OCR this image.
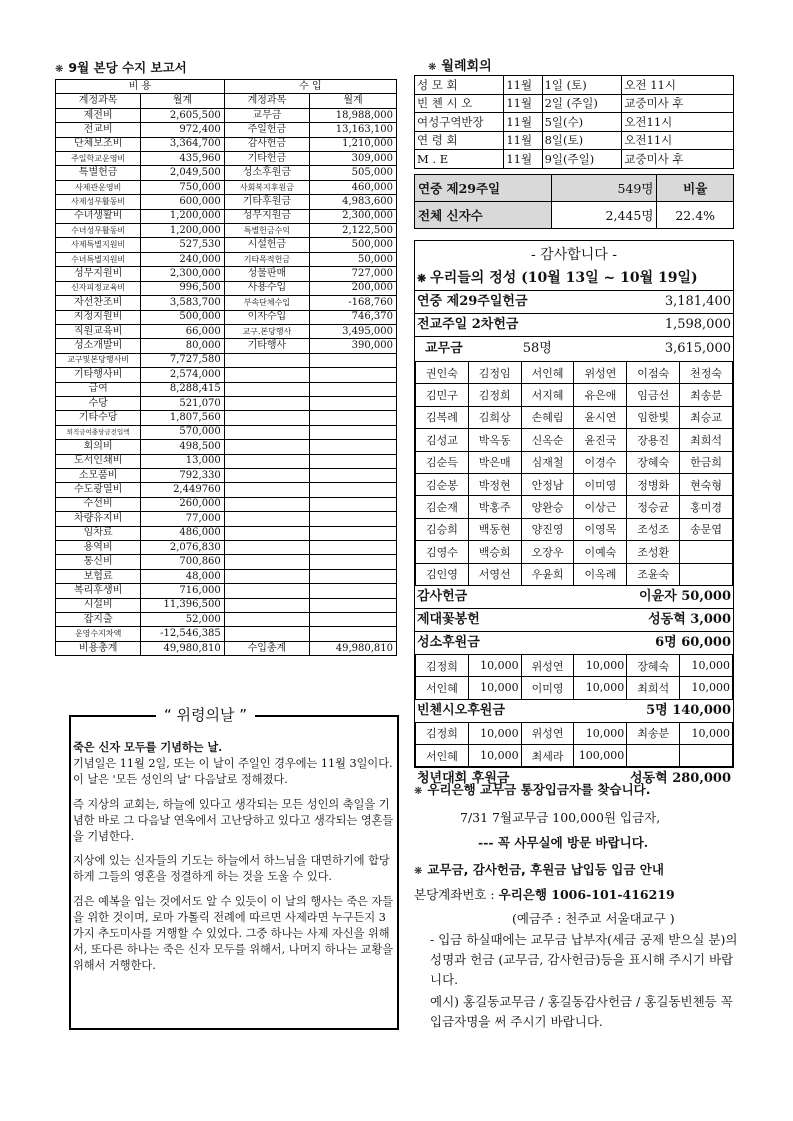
❋ 9월 본당 수지 보고서
비 용		수 입	
계정과목	월계	계정과목	월계
제전비	2,605,500	교무금	18,988,000
전교비	972,400	주일헌금	13,163,100
단체보조비	3,364,700	감사헌금	1,210,000
주일학교운영비	435,960	기타헌금	309,000
특별헌금	2,049,500	성소후원금	505,000
사제관운영비	750,000	사회복지후원금	460,000
사제성무활동비	600,000	기타후원금	4,983,600
수녀생활비	1,200,000	성무지원금	2,300,000
수녀성무활동비	1,200,000	특별헌금수익	2,122,500
사제특별지원비	527,530	시설헌금	500,000
수녀특별지원비	240,000	기타목적헌금	50,000
성무지원비	2,300,000	성물판매	727,000
신자피정교육비	996,500	사용수입	200,000
자선찬조비	3,583,700	부속단체수입	-168,760
지정지원비	500,000	이자수입	746,370
직원교육비	66,000	교구.본당행사	3,495,000
성소개발비	80,000	기타행사	390,000
교구및본당행사비	7,727,580		
기타행사비	2,574,000		
급여	8,288,415		
수당	521,070		
기타수당	1,807,560		
퇴직금여충당금전입액	570,000		
회의비	498,500		
도서인쇄비	13,000		
소모품비	792,330		
수도광열비	2,449760		
수선비	260,000		
차량유지비	77,000		
임차료	486,000		
용역비	2,076,830		
통신비	700,860		
보험료	48,000		
복리후생비	716,000		
시설비	11,396,500		
잡지출	52,000		
운영수지차액	-12,546,385		
비용총계	49,980,810	수입총계	49,980,810
❋ 월례회의
성 모 회	11월	1일 (토)	오전 11시
빈 첸 시 오	11월	2일 (주일)	교중미사 후
여성구역반장	11월	5일(수)	오전11시
연 령 회	11월	8일(토)	오전11시
M . E	11월	9일(주일)	교중미사 후
연중 제29주일	549명	비율
전체 신자수	2,445명	22.4%
- 감사합니다 -
❋ 우리들의 정성 (10월 13일 ~ 10월 19일)
연중 제29주일헌금	3,181,400
전교주일 2차헌금	1,598,000
교무금	58명	3,615,000
권인숙	김정임	서인혜	위성연	이점숙	천정숙
김민구	김정희	서지혜	유은애	임금선	최송분
김복례	김희상	손혜림	윤시연	임한빛	최승교
김성교	박옥동	신옥순	윤진국	장용진	최희석
김순득	박은매	심재철	이경수	장혜숙	한금희
김순봉	박정현	안정남	이미영	정병화	현숙형
김순재	박홍주	양완승	이상근	정승균	홍미경
김승희	백동현	양진영	이영목	조성조	송문엽
김영수	백승희	오장우	이예숙	조성환	
김인영	서영선	우윤희	이옥례	조윤숙	
감사헌금	이윤자 50,000
제대꽃봉헌	성동혁 3,000
성소후원금	6명 60,000
김정희	10,000	위성연	10,000	장혜숙	10,000
서인혜	10,000	이미영	10,000	최희석	10,000
빈첸시오후원금	5명 140,000
김정희	10,000	위성연	10,000	최송분	10,000
서인혜	10,000	최세라	100,000		
청년대회 후원금	성동혁 280,000
“ 위령의날 ”

죽은 신자 모두를 기념하는 날.
기념일은 11월 2일, 또는 이 날이 주일인 경우에는 11월 3일이다. 이 날은 '모든 성인의 날' 다음날로 정해졌다.

즉 지상의 교회는, 하늘에 있다고 생각되는 모든 성인의 축일을 기념한 바로 그 다음날 연옥에서 고난당하고 있다고 생각되는 영혼들을 기념한다.

지상에 있는 신자들의 기도는 하늘에서 하느님을 대면하기에 합당하게 그들의 영혼을 정결하게 하는 것을 도울 수 있다.

검은 예복을 입는 것에서도 알 수 있듯이 이 날의 행사는 죽은 자들을 위한 것이며, 로마 가톨릭 전례에 따르면 사제라면 누구든지 3가지 추도미사를 거행할 수 있었다. 그중 하나는 사제 자신을 위해서, 또다른 하나는 죽은 신자 모두를 위해서, 나머지 하나는 교황을 위해서 거행한다.

❋ 우리은행 교무금 통장입금자를 찾습니다.
7/31 7월교무금 100,000원 입금자,
--- 꼭 사무실에 방문 바랍니다.
❋ 교무금, 감사헌금, 후원금 납입등 입금 안내
본당계좌번호 : 우리은행 1006-101-416219
(예금주 : 천주교 서울대교구 )
- 입금 하실때에는 교무금 납부자(세금 공제 받으실 분)의 성명과 헌금 (교무금, 감사헌금)등을 표시해 주시기 바랍니다.
예시) 홍길동교무금 / 홍길동감사헌금 / 홍길동빈첸등 꼭 입금자명을 써 주시기 바랍니다.
